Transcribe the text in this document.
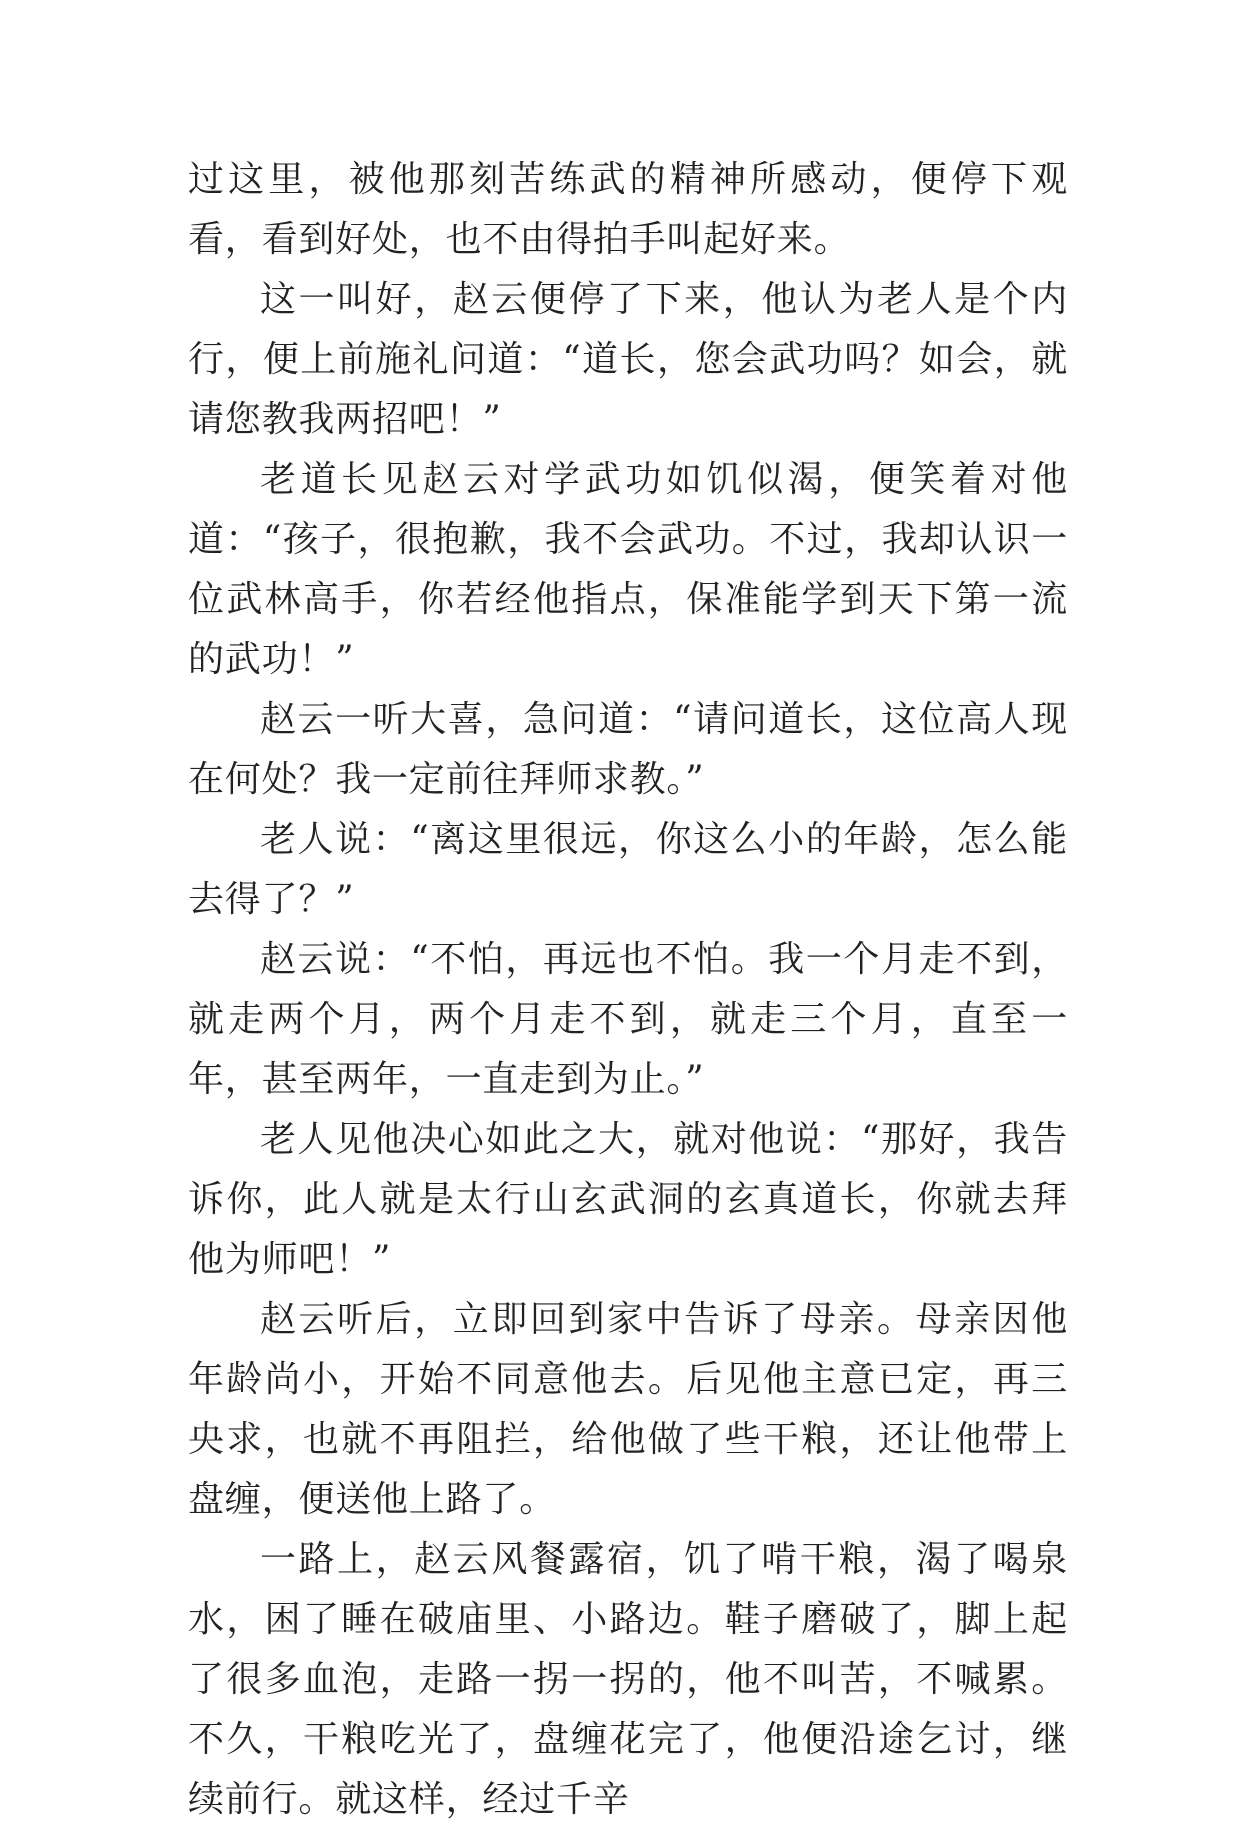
过这里，被他那刻苦练武的精神所感动，便停下观看，看到好处，也不由得拍手叫起好来。

这一叫好，赵云便停了下来，他认为老人是个内行，便上前施礼问道：“道长，您会武功吗？如会，就请您教我两招吧！”

老道长见赵云对学武功如饥似渴，便笑着对他道：“孩子，很抱歉，我不会武功。不过，我却认识一位武林高手，你若经他指点，保准能学到天下第一流的武功！”

赵云一听大喜，急问道：“请问道长，这位高人现在何处？我一定前往拜师求教。”

老人说：“离这里很远，你这么小的年龄，怎么能去得了？”

赵云说：“不怕，再远也不怕。我一个月走不到，就走两个月，两个月走不到，就走三个月，直至一年，甚至两年，一直走到为止。”

老人见他决心如此之大，就对他说：“那好，我告诉你，此人就是太行山玄武洞的玄真道长，你就去拜他为师吧！”

赵云听后，立即回到家中告诉了母亲。母亲因他年龄尚小，开始不同意他去。后见他主意已定，再三央求，也就不再阻拦，给他做了些干粮，还让他带上盘缠，便送他上路了。

一路上，赵云风餐露宿，饥了啃干粮，渴了喝泉水，困了睡在破庙里、小路边。鞋子磨破了，脚上起了很多血泡，走路一拐一拐的，他不叫苦，不喊累。不久，干粮吃光了，盘缠花完了，他便沿途乞讨，继续前行。就这样，经过千辛
